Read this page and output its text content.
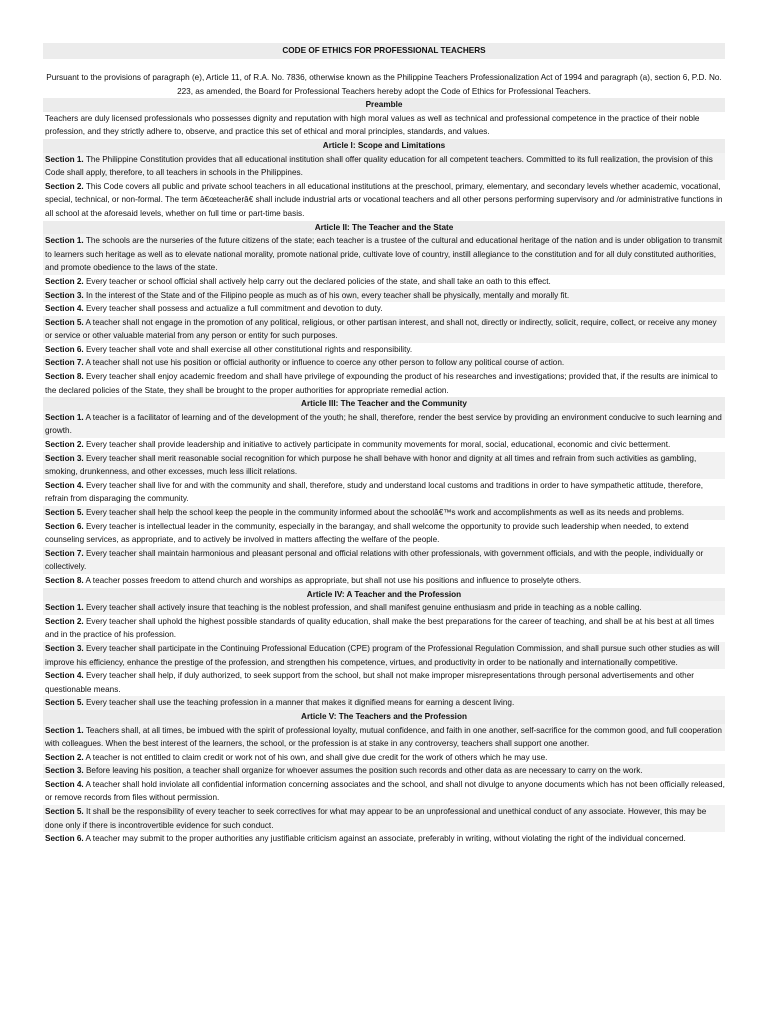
CODE OF ETHICS FOR PROFESSIONAL TEACHERS
Pursuant to the provisions of paragraph (e), Article 11, of R.A. No. 7836, otherwise known as the Philippine Teachers Professionalization Act of 1994 and paragraph (a), section 6, P.D. No. 223, as amended, the Board for Professional Teachers hereby adopt the Code of Ethics for Professional Teachers.
Preamble
Teachers are duly licensed professionals who possesses dignity and reputation with high moral values as well as technical and professional competence in the practice of their noble profession, and they strictly adhere to, observe, and practice this set of ethical and moral principles, standards, and values.
Article I: Scope and Limitations
Section 1. The Philippine Constitution provides that all educational institution shall offer quality education for all competent teachers. Committed to its full realization, the provision of this Code shall apply, therefore, to all teachers in schools in the Philippines.
Section 2. This Code covers all public and private school teachers in all educational institutions at the preschool, primary, elementary, and secondary levels whether academic, vocational, special, technical, or non-formal. The term â€œteacherâ€ shall include industrial arts or vocational teachers and all other persons performing supervisory and /or administrative functions in all school at the aforesaid levels, whether on full time or part-time basis.
Article II: The Teacher and the State
Section 1. The schools are the nurseries of the future citizens of the state; each teacher is a trustee of the cultural and educational heritage of the nation and is under obligation to transmit to learners such heritage as well as to elevate national morality, promote national pride, cultivate love of country, instill allegiance to the constitution and for all duly constituted authorities, and promote obedience to the laws of the state.
Section 2. Every teacher or school official shall actively help carry out the declared policies of the state, and shall take an oath to this effect.
Section 3. In the interest of the State and of the Filipino people as much as of his own, every teacher shall be physically, mentally and morally fit.
Section 4. Every teacher shall possess and actualize a full commitment and devotion to duty.
Section 5. A teacher shall not engage in the promotion of any political, religious, or other partisan interest, and shall not, directly or indirectly, solicit, require, collect, or receive any money or service or other valuable material from any person or entity for such purposes.
Section 6. Every teacher shall vote and shall exercise all other constitutional rights and responsibility.
Section 7. A teacher shall not use his position or official authority or influence to coerce any other person to follow any political course of action.
Section 8. Every teacher shall enjoy academic freedom and shall have privilege of expounding the product of his researches and investigations; provided that, if the results are inimical to the declared policies of the State, they shall be brought to the proper authorities for appropriate remedial action.
Article III: The Teacher and the Community
Section 1. A teacher is a facilitator of learning and of the development of the youth; he shall, therefore, render the best service by providing an environment conducive to such learning and growth.
Section 2. Every teacher shall provide leadership and initiative to actively participate in community movements for moral, social, educational, economic and civic betterment.
Section 3. Every teacher shall merit reasonable social recognition for which purpose he shall behave with honor and dignity at all times and refrain from such activities as gambling, smoking, drunkenness, and other excesses, much less illicit relations.
Section 4. Every teacher shall live for and with the community and shall, therefore, study and understand local customs and traditions in order to have sympathetic attitude, therefore, refrain from disparaging the community.
Section 5. Every teacher shall help the school keep the people in the community informed about the schoolâ€™s work and accomplishments as well as its needs and problems.
Section 6. Every teacher is intellectual leader in the community, especially in the barangay, and shall welcome the opportunity to provide such leadership when needed, to extend counseling services, as appropriate, and to actively be involved in matters affecting the welfare of the people.
Section 7. Every teacher shall maintain harmonious and pleasant personal and official relations with other professionals, with government officials, and with the people, individually or collectively.
Section 8. A teacher posses freedom to attend church and worships as appropriate, but shall not use his positions and influence to proselyte others.
Article IV: A Teacher and the Profession
Section 1. Every teacher shall actively insure that teaching is the noblest profession, and shall manifest genuine enthusiasm and pride in teaching as a noble calling.
Section 2. Every teacher shall uphold the highest possible standards of quality education, shall make the best preparations for the career of teaching, and shall be at his best at all times and in the practice of his profession.
Section 3. Every teacher shall participate in the Continuing Professional Education (CPE) program of the Professional Regulation Commission, and shall pursue such other studies as will improve his efficiency, enhance the prestige of the profession, and strengthen his competence, virtues, and productivity in order to be nationally and internationally competitive.
Section 4. Every teacher shall help, if duly authorized, to seek support from the school, but shall not make improper misrepresentations through personal advertisements and other questionable means.
Section 5. Every teacher shall use the teaching profession in a manner that makes it dignified means for earning a descent living.
Article V: The Teachers and the Profession
Section 1. Teachers shall, at all times, be imbued with the spirit of professional loyalty, mutual confidence, and faith in one another, self-sacrifice for the common good, and full cooperation with colleagues. When the best interest of the learners, the school, or the profession is at stake in any controversy, teachers shall support one another.
Section 2. A teacher is not entitled to claim credit or work not of his own, and shall give due credit for the work of others which he may use.
Section 3. Before leaving his position, a teacher shall organize for whoever assumes the position such records and other data as are necessary to carry on the work.
Section 4. A teacher shall hold inviolate all confidential information concerning associates and the school, and shall not divulge to anyone documents which has not been officially released, or remove records from files without permission.
Section 5. It shall be the responsibility of every teacher to seek correctives for what may appear to be an unprofessional and unethical conduct of any associate. However, this may be done only if there is incontrovertible evidence for such conduct.
Section 6. A teacher may submit to the proper authorities any justifiable criticism against an associate, preferably in writing, without violating the right of the individual concerned.
